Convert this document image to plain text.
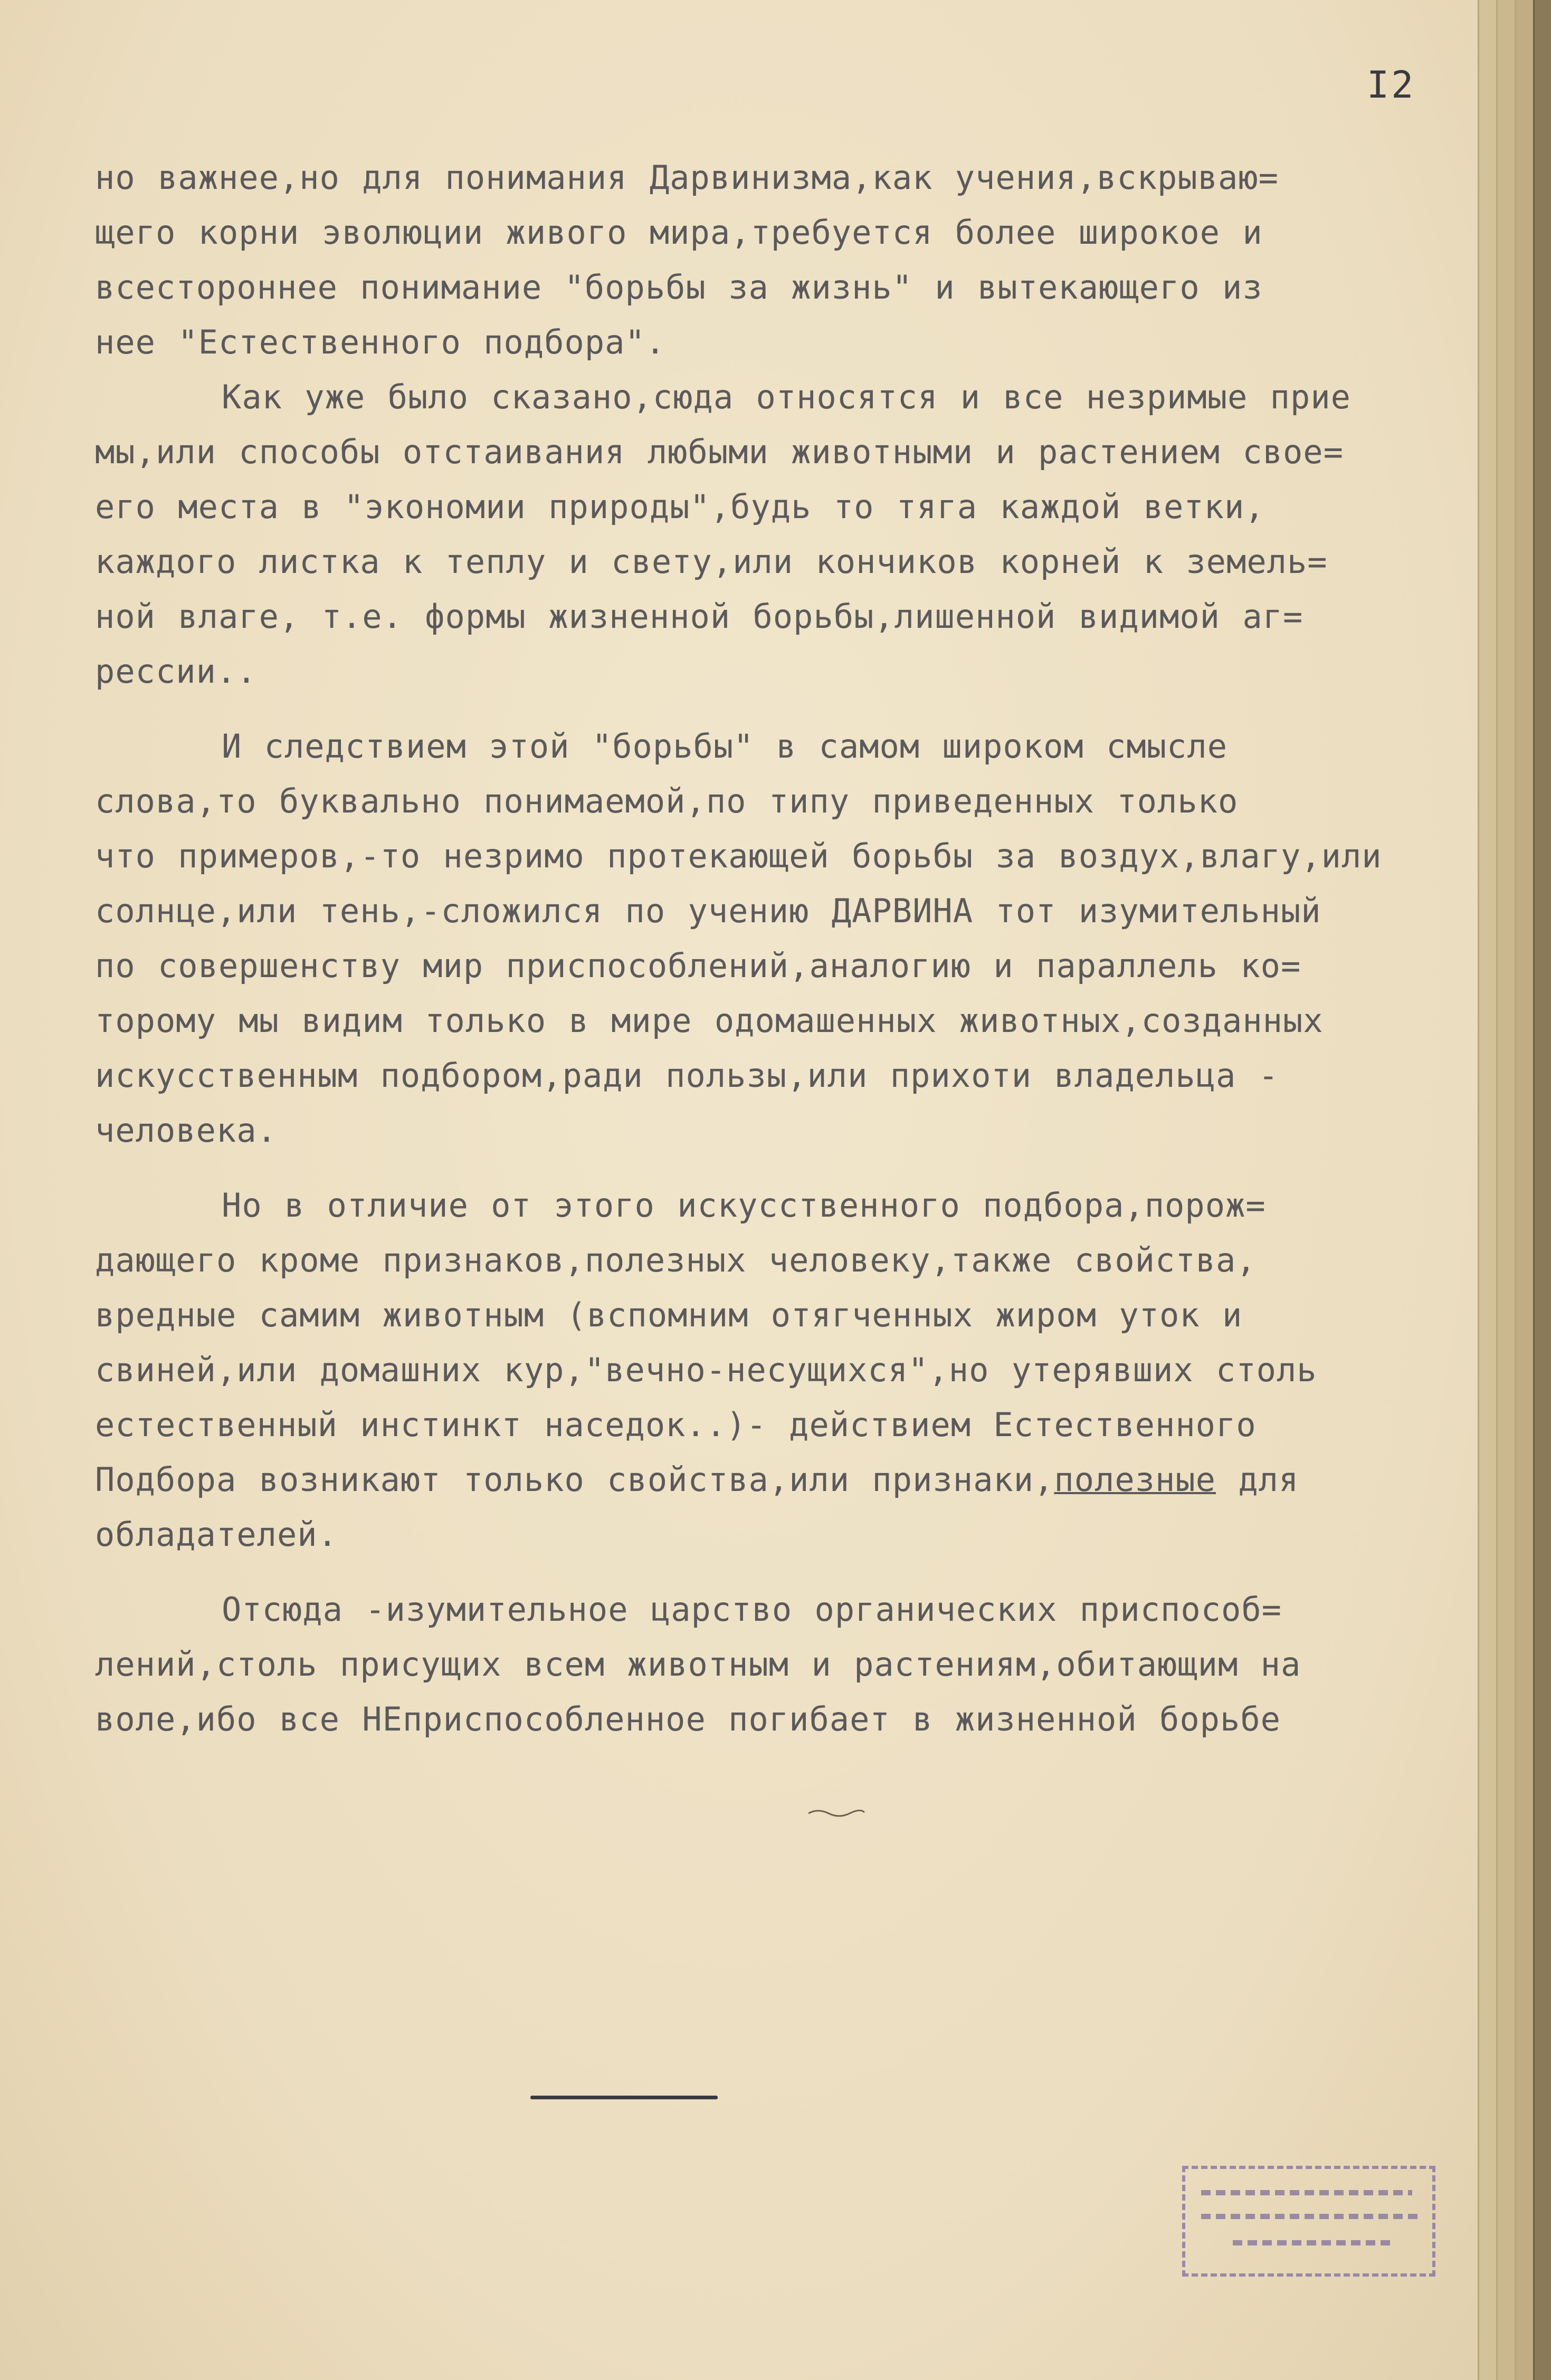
I2
но важнее,но для понимания Дарвинизма,как учения,вскрываю=
щего корни эволюции живого мира,требуется более широкое и
всестороннее понимание "борьбы за жизнь" и вытекающего из
нее "Естественного подбора".
Как уже было сказано,сюда относятся и все незримые прие
мы,или способы отстаивания любыми животными и растением свое=
его места в "экономии природы",будь то тяга каждой ветки,
каждого листка к теплу и свету,или кончиков корней к земель=
ной влаге, т.е. формы жизненной борьбы,лишенной видимой аг=
рессии..
И следствием этой "борьбы" в самом широком смысле
слова,то буквально понимаемой,по типу приведенных только
что примеров,-то незримо протекающей борьбы за воздух,влагу,или
солнце,или тень,-сложился по учению ДАРВИНА тот изумительный
по совершенству мир приспособлений,аналогию и параллель ко=
торому мы видим только в мире одомашенных животных,созданных
искусственным подбором,ради пользы,или прихоти владельца -
человека.
Но в отличие от этого искусственного подбора,порож=
дающего кроме признаков,полезных человеку,также свойства,
вредные самим животным (вспомним отягченных жиром уток и
свиней,или домашних кур,"вечно-несущихся",но утерявших столь
естественный инстинкт наседок..)- действием Естественного
Подбора возникают только свойства,или признаки,полезные для
обладателей.
Отсюда -изумительное царство органических приспособ=
лений,столь присущих всем животным и растениям,обитающим на
воле,ибо все НЕприспособленное погибает в жизненной борьбе
